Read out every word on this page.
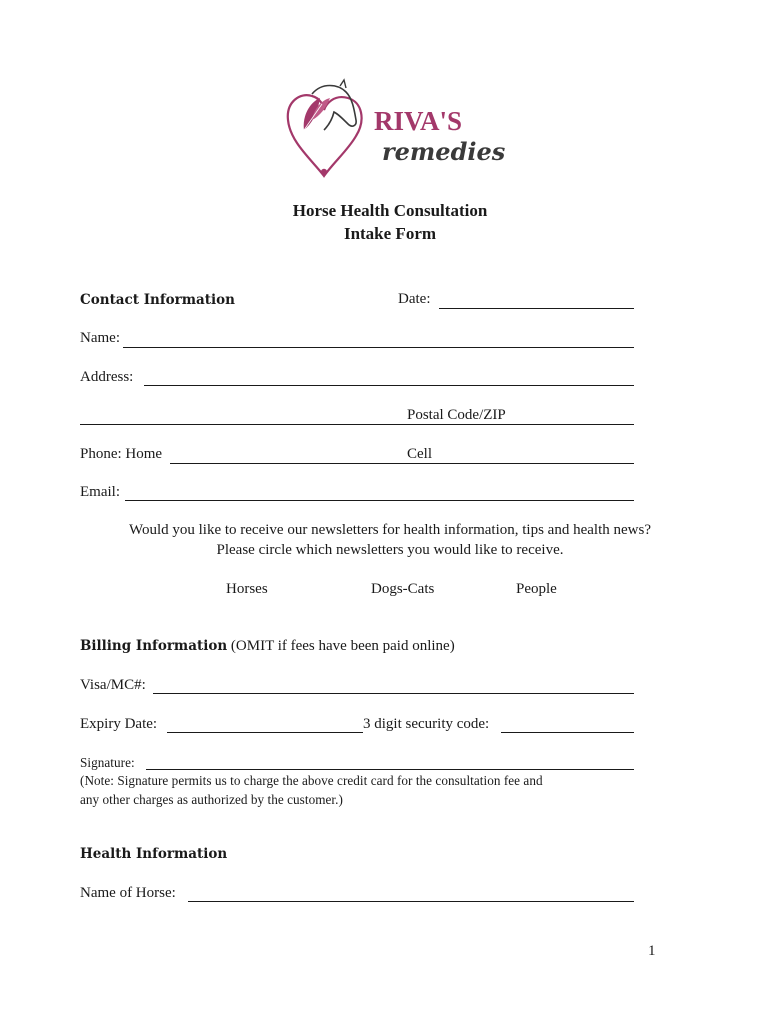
RIVA'S
remedies
Horse Health Consultation
Intake Form
Contact Information	Date:
Name:
Address:
Postal Code/ZIP
Phone: Home	Cell
Email:
Would you like to receive our newsletters for health information, tips and health news?
Please circle which newsletters you would like to receive.
Horses	Dogs-Cats	People
Billing Information (OMIT if fees have been paid online)
Visa/MC#:
Expiry Date:	3 digit security code:
Signature:
(Note: Signature permits us to charge the above credit card for the consultation fee and
any other charges as authorized by the customer.)
Health Information
Name of Horse:
1
